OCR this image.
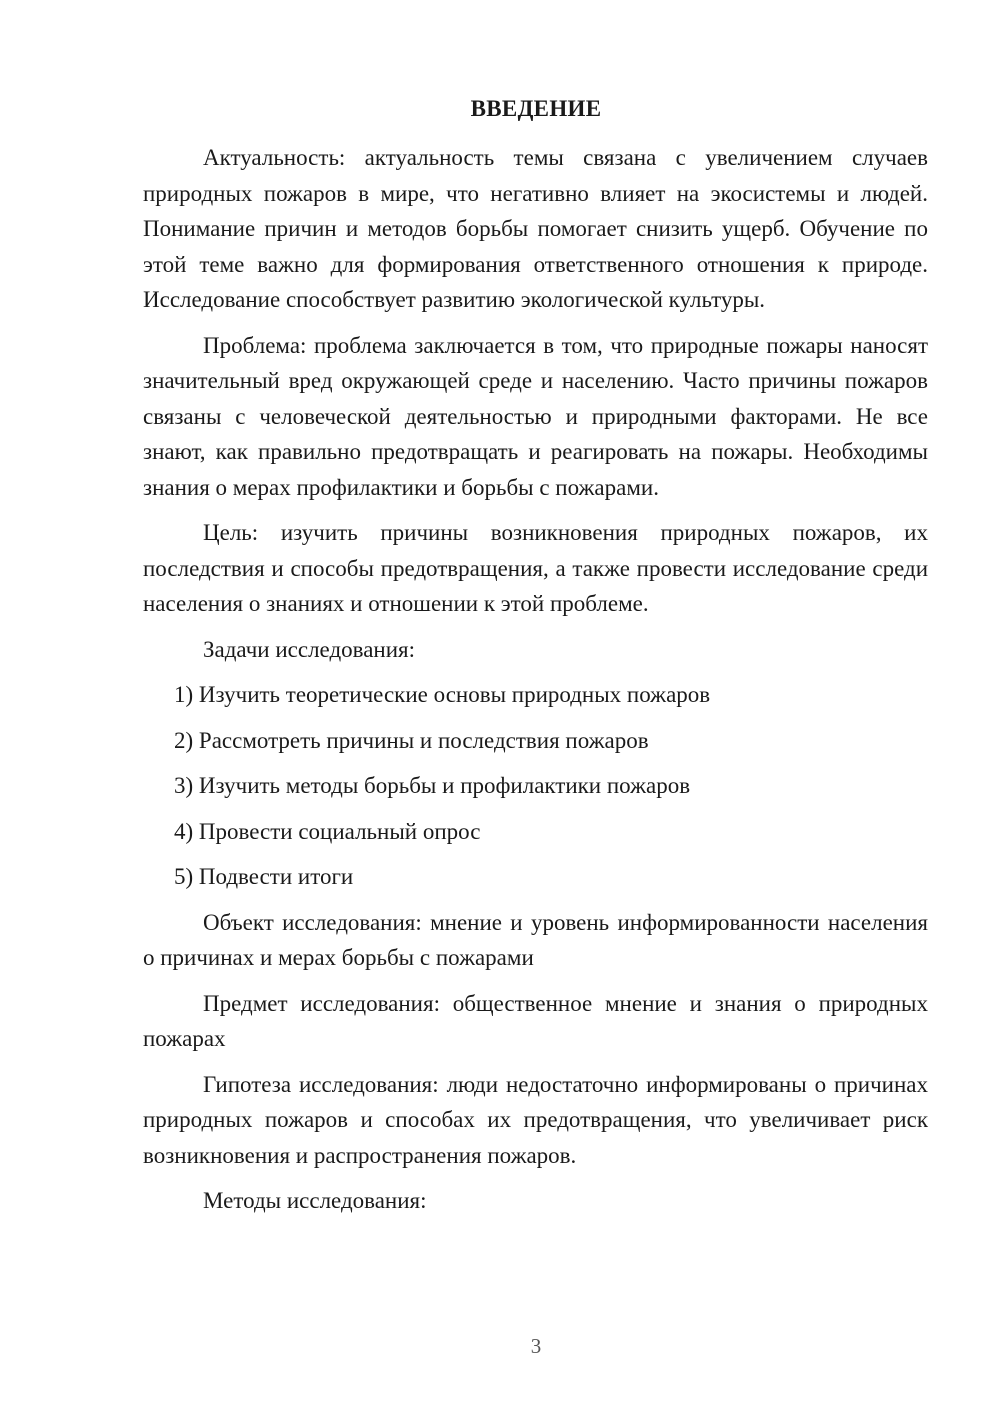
ВВЕДЕНИЕ

Актуальность: актуальность темы связана с увеличением случаев природных пожаров в мире, что негативно влияет на экосистемы и людей. Понимание причин и методов борьбы помогает снизить ущерб. Обучение по этой теме важно для формирования ответственного отношения к природе. Исследование способствует развитию экологической культуры.

Проблема: проблема заключается в том, что природные пожары наносят значительный вред окружающей среде и населению. Часто причины пожаров связаны с человеческой деятельностью и природными факторами. Не все знают, как правильно предотвращать и реагировать на пожары. Необходимы знания о мерах профилактики и борьбы с пожарами.

Цель: изучить причины возникновения природных пожаров, их последствия и способы предотвращения, а также провести исследование среди населения о знаниях и отношении к этой проблеме.

Задачи исследования:

1) Изучить теоретические основы природных пожаров

2) Рассмотреть причины и последствия пожаров

3) Изучить методы борьбы и профилактики пожаров

4) Провести социальный опрос

5) Подвести итоги

Объект исследования: мнение и уровень информированности населения о причинах и мерах борьбы с пожарами

Предмет исследования: общественное мнение и знания о природных пожарах

Гипотеза исследования: люди недостаточно информированы о причинах природных пожаров и способах их предотвращения, что увеличивает риск возникновения и распространения пожаров.

Методы исследования:

3
